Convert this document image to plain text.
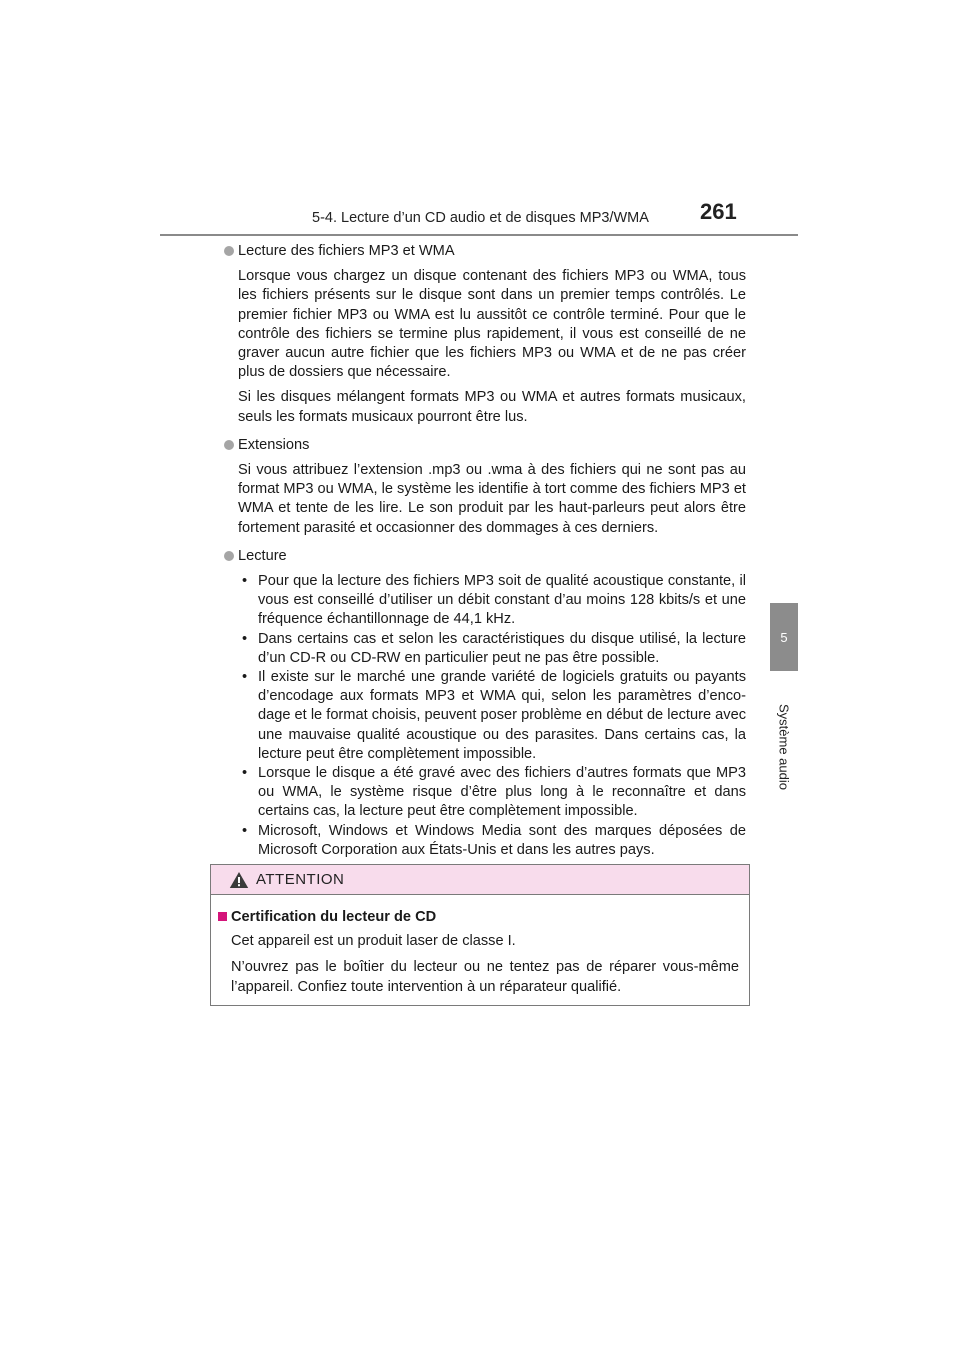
5-4. Lecture d’un CD audio et de disques MP3/WMA	261
5
Système audio

Lecture des fichiers MP3 et WMA

Lorsque vous chargez un disque contenant des fichiers MP3 ou WMA, tous les fichiers présents sur le disque sont dans un premier temps contrôlés. Le premier fichier MP3 ou WMA est lu aussitôt ce contrôle terminé. Pour que le contrôle des fichiers se termine plus rapidement, il vous est conseillé de ne graver aucun autre fichier que les fichiers MP3 ou WMA et de ne pas créer plus de dossiers que nécessaire.

Si les disques mélangent formats MP3 ou WMA et autres formats musicaux, seuls les formats musicaux pourront être lus.

Extensions

Si vous attribuez l’extension .mp3 ou .wma à des fichiers qui ne sont pas au format MP3 ou WMA, le système les identifie à tort comme des fichiers MP3 et WMA et tente de les lire. Le son produit par les haut-parleurs peut alors être fortement parasité et occasionner des dommages à ces derniers.

Lecture

• Pour que la lecture des fichiers MP3 soit de qualité acoustique constante, il vous est conseillé d’utiliser un débit constant d’au moins 128 kbits/s et une fréquence échantillonnage de 44,1 kHz.

• Dans certains cas et selon les caractéristiques du disque utilisé, la lecture d’un CD-R ou CD-RW en particulier peut ne pas être possible.

• Il existe sur le marché une grande variété de logiciels gratuits ou payants d’encodage aux formats MP3 et WMA qui, selon les paramètres d’encodage et le format choisis, peuvent poser problème en début de lecture avec une mauvaise qualité acoustique ou des parasites. Dans certains cas, la lecture peut être complètement impossible.

• Lorsque le disque a été gravé avec des fichiers d’autres formats que MP3 ou WMA, le système risque d’être plus long à le reconnaître et dans certains cas, la lecture peut être complètement impossible.

• Microsoft, Windows et Windows Media sont des marques déposées de Microsoft Corporation aux États-Unis et dans les autres pays.

ATTENTION
Certification du lecteur de CD

Cet appareil est un produit laser de classe I.

N’ouvrez pas le boîtier du lecteur ou ne tentez pas de réparer vous-même l’appareil. Confiez toute intervention à un réparateur qualifié.
